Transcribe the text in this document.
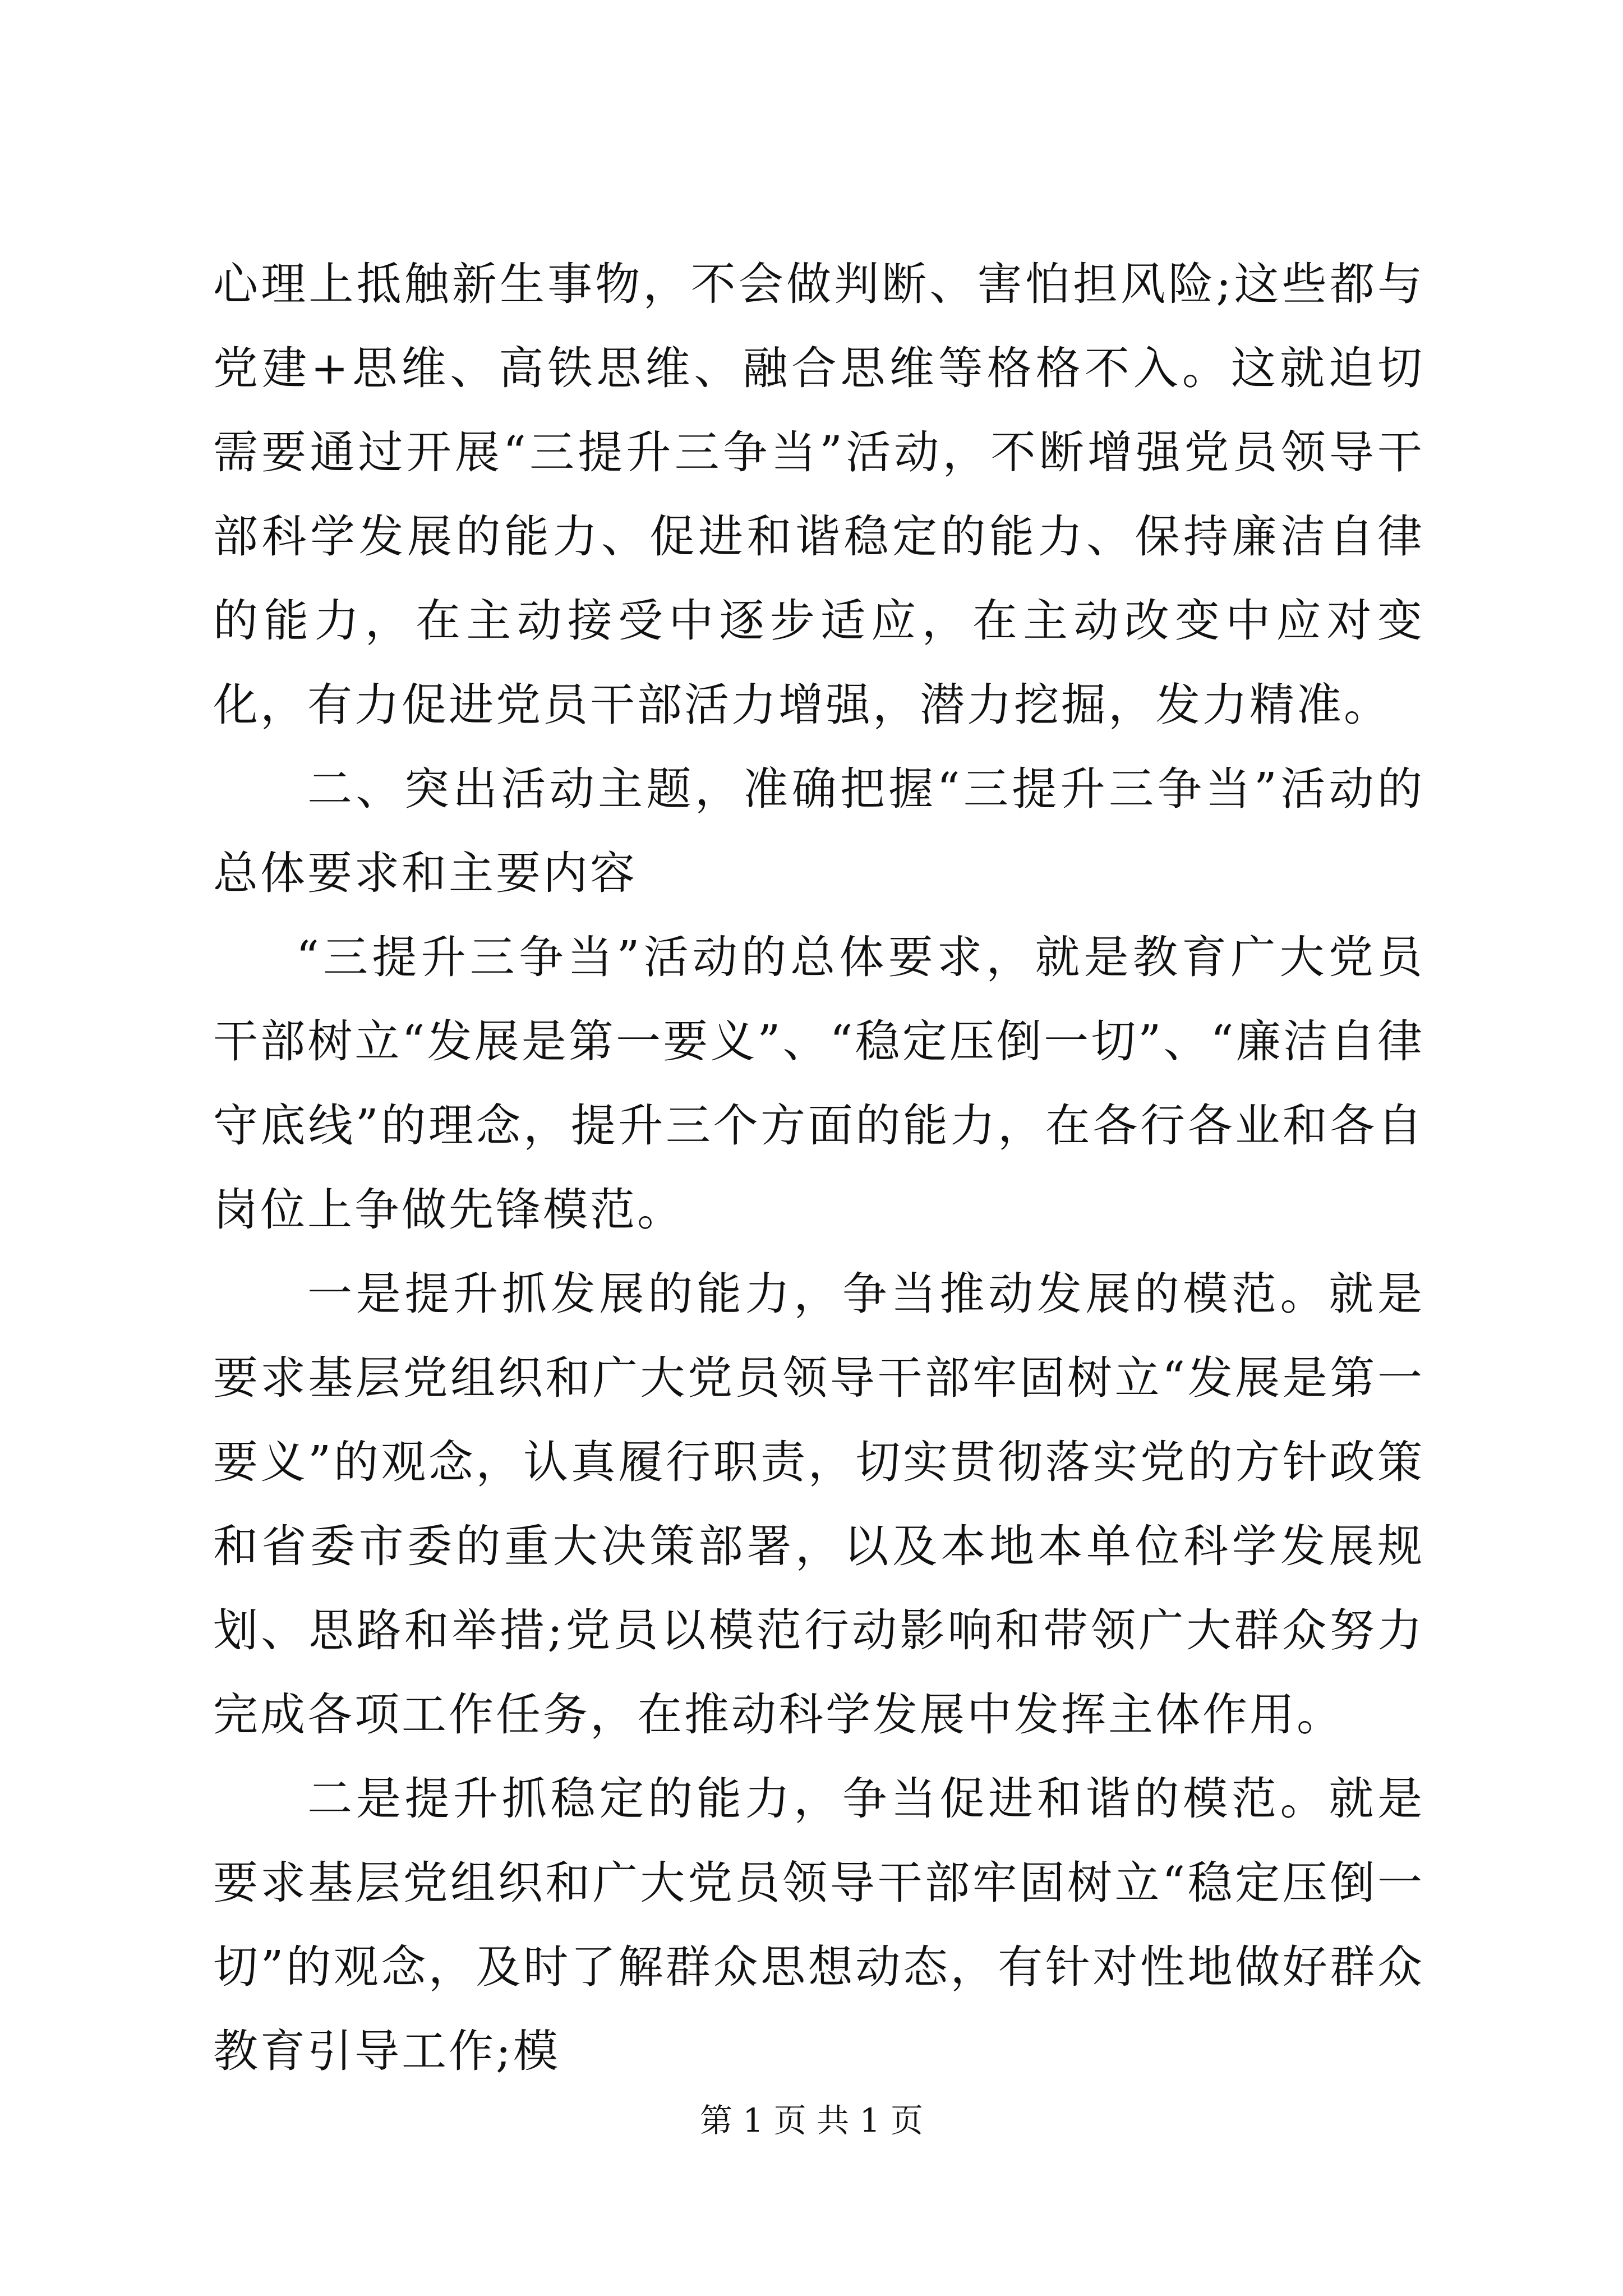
心理上抵触新生事物，不会做判断、害怕担风险;这些都与党建+思维、高铁思维、融合思维等格格不入。这就迫切需要通过开展“三提升三争当”活动，不断增强党员领导干部科学发展的能力、促进和谐稳定的能力、保持廉洁自律的能力，在主动接受中逐步适应，在主动改变中应对变化，有力促进党员干部活力增强，潜力挖掘，发力精准。

二、突出活动主题，准确把握“三提升三争当”活动的总体要求和主要内容

“三提升三争当”活动的总体要求，就是教育广大党员干部树立“发展是第一要义”、“稳定压倒一切”、“廉洁自律守底线”的理念，提升三个方面的能力，在各行各业和各自岗位上争做先锋模范。

一是提升抓发展的能力，争当推动发展的模范。就是要求基层党组织和广大党员领导干部牢固树立“发展是第一要义”的观念，认真履行职责，切实贯彻落实党的方针政策和省委市委的重大决策部署，以及本地本单位科学发展规划、思路和举措;党员以模范行动影响和带领广大群众努力完成各项工作任务，在推动科学发展中发挥主体作用。

二是提升抓稳定的能力，争当促进和谐的模范。就是要求基层党组织和广大党员领导干部牢固树立“稳定压倒一切”的观念，及时了解群众思想动态，有针对性地做好群众教育引导工作;模

第 1 页 共 1 页
